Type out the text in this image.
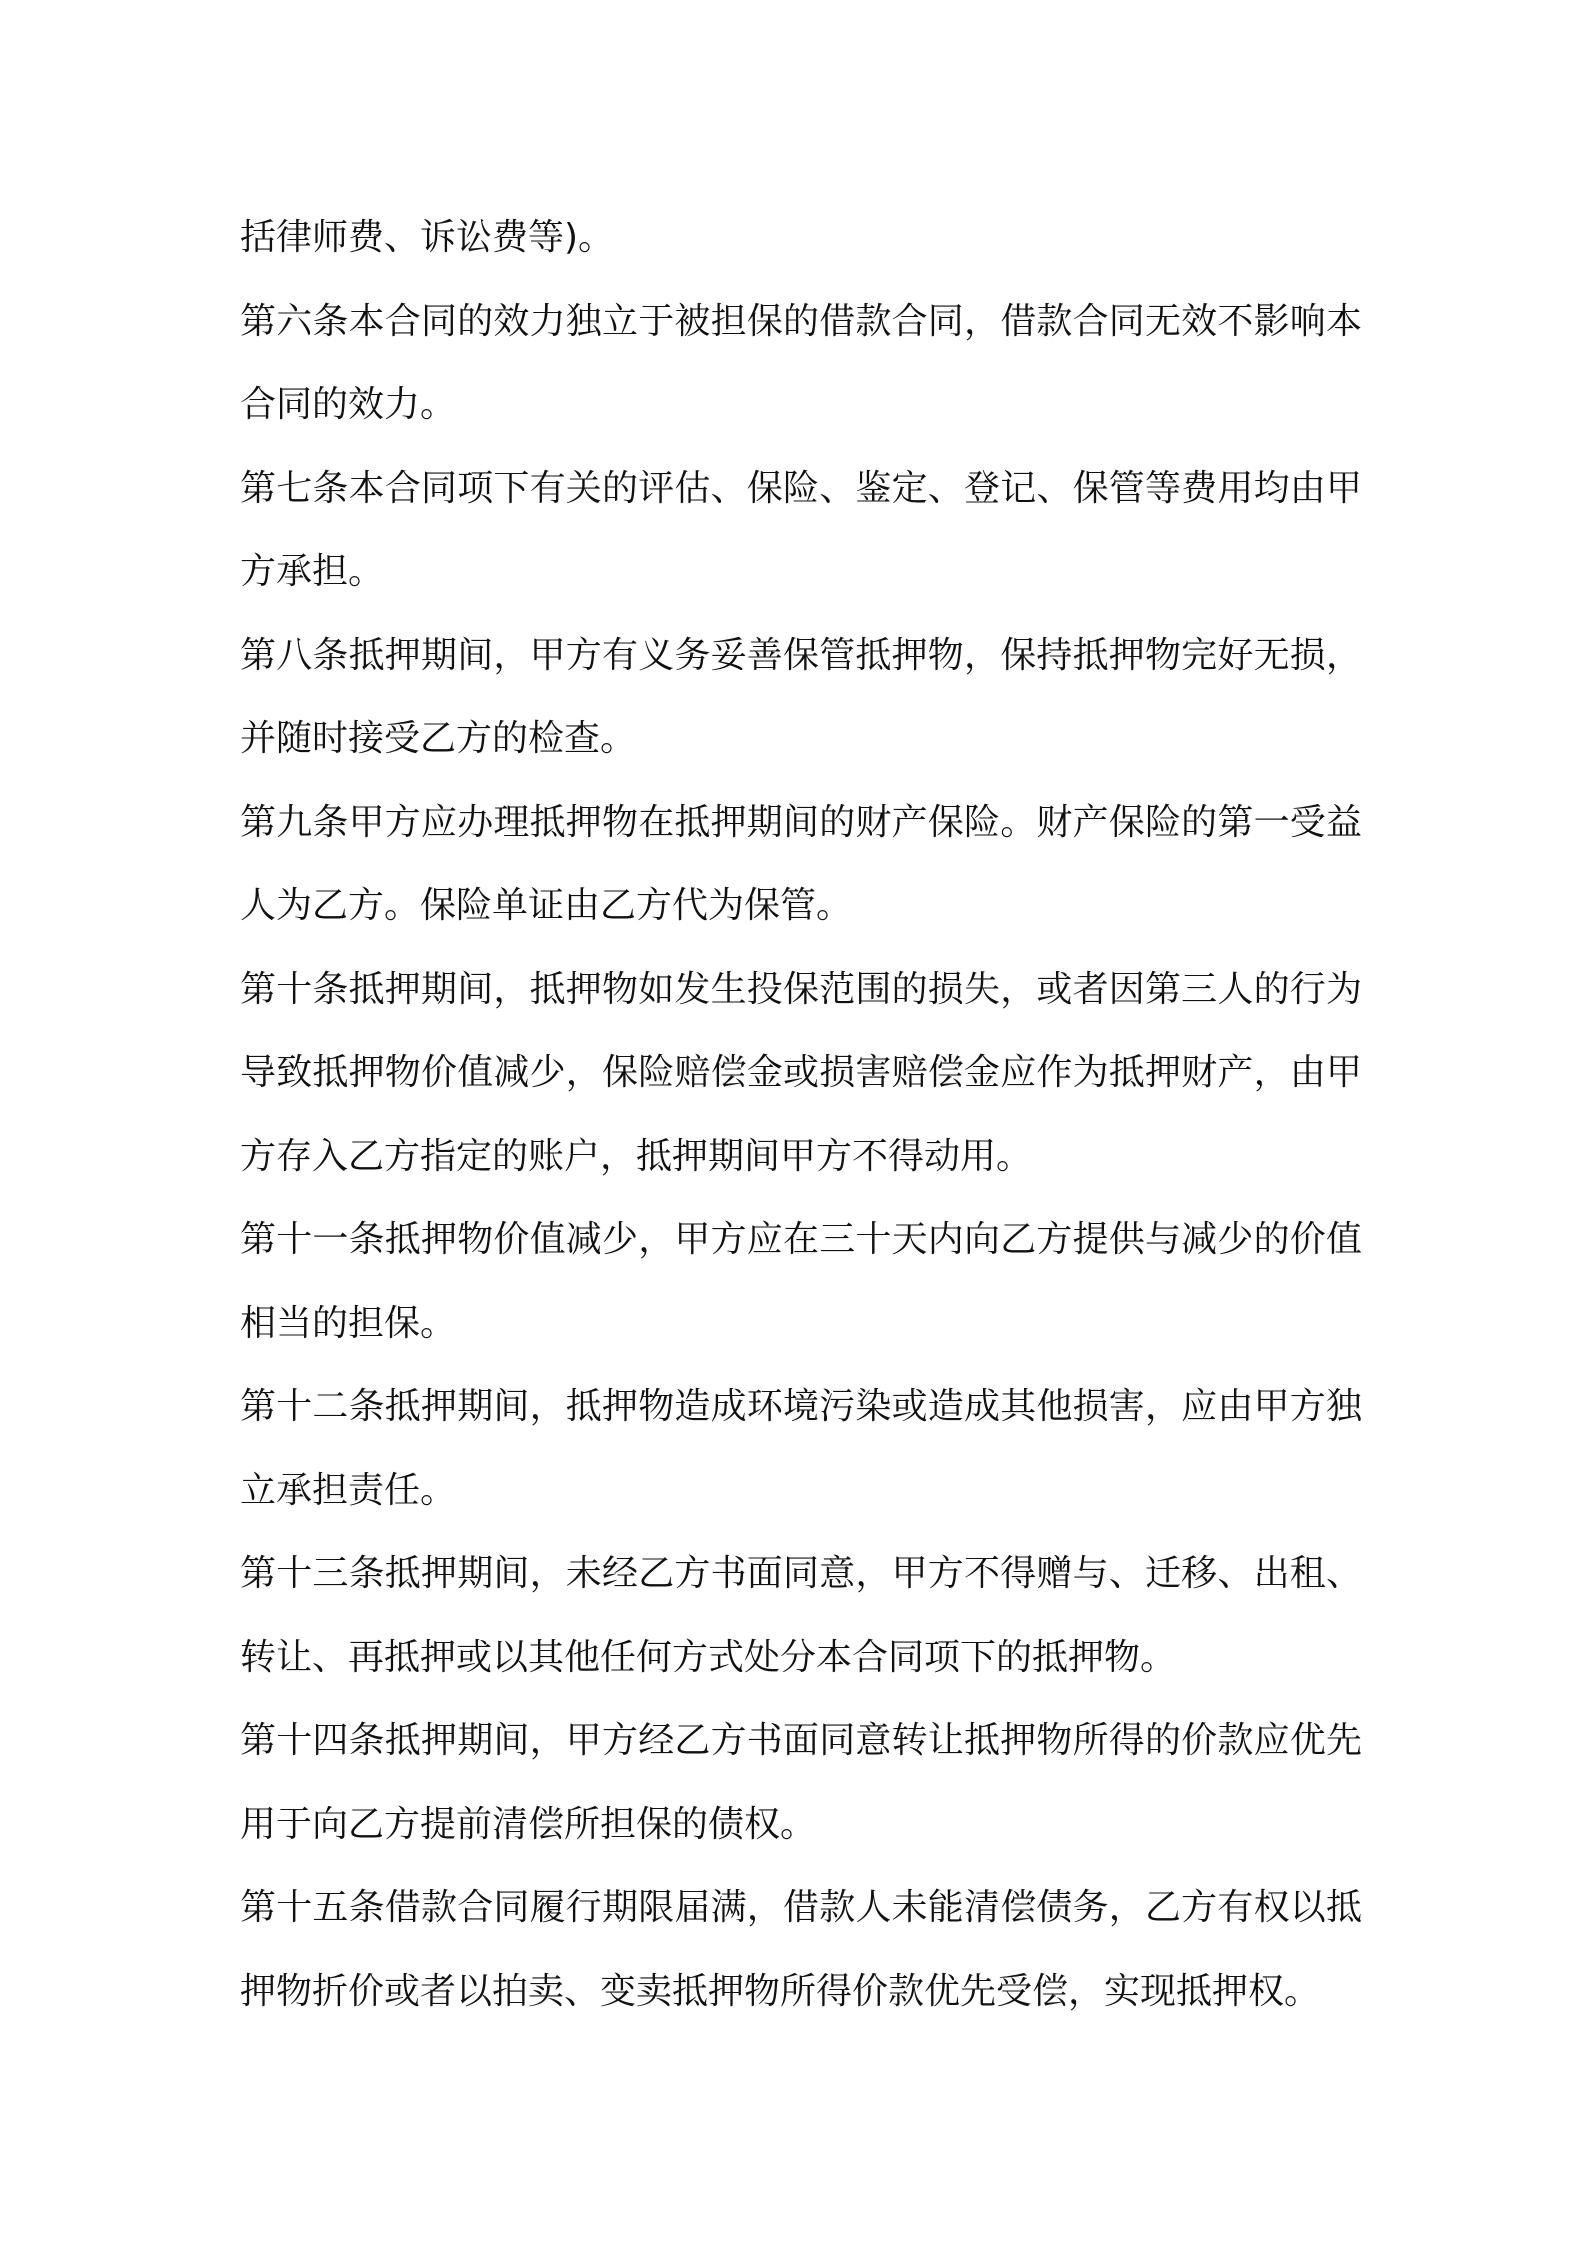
括律师费、诉讼费等)。

第六条本合同的效力独立于被担保的借款合同，借款合同无效不影响本合同的效力。

第七条本合同项下有关的评估、保险、鉴定、登记、保管等费用均由甲方承担。

第八条抵押期间，甲方有义务妥善保管抵押物，保持抵押物完好无损，并随时接受乙方的检查。

第九条甲方应办理抵押物在抵押期间的财产保险。财产保险的第一受益人为乙方。保险单证由乙方代为保管。

第十条抵押期间，抵押物如发生投保范围的损失，或者因第三人的行为导致抵押物价值减少，保险赔偿金或损害赔偿金应作为抵押财产，由甲方存入乙方指定的账户，抵押期间甲方不得动用。

第十一条抵押物价值减少，甲方应在三十天内向乙方提供与减少的价值相当的担保。

第十二条抵押期间，抵押物造成环境污染或造成其他损害，应由甲方独立承担责任。

第十三条抵押期间，未经乙方书面同意，甲方不得赠与、迁移、出租、转让、再抵押或以其他任何方式处分本合同项下的抵押物。

第十四条抵押期间，甲方经乙方书面同意转让抵押物所得的价款应优先用于向乙方提前清偿所担保的债权。

第十五条借款合同履行期限届满，借款人未能清偿债务，乙方有权以抵押物折价或者以拍卖、变卖抵押物所得价款优先受偿，实现抵押权。
